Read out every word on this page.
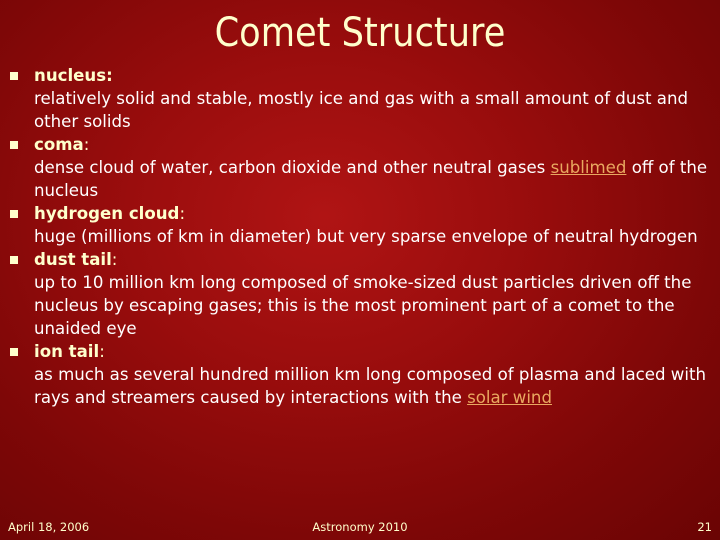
Comet Structure
nucleus:
relatively solid and stable, mostly ice and gas with a small amount of dust and other solids
coma:
dense cloud of water, carbon dioxide and other neutral gases sublimed off of the nucleus
hydrogen cloud:
huge (millions of km in diameter) but very sparse envelope of neutral hydrogen
dust tail:
up to 10 million km long composed of smoke-sized dust particles driven off the nucleus by escaping gases; this is the most prominent part of a comet to the unaided eye
ion tail:
as much as several hundred million km long composed of plasma and laced with rays and streamers caused by interactions with the solar wind
April 18, 2006	Astronomy 2010	21
